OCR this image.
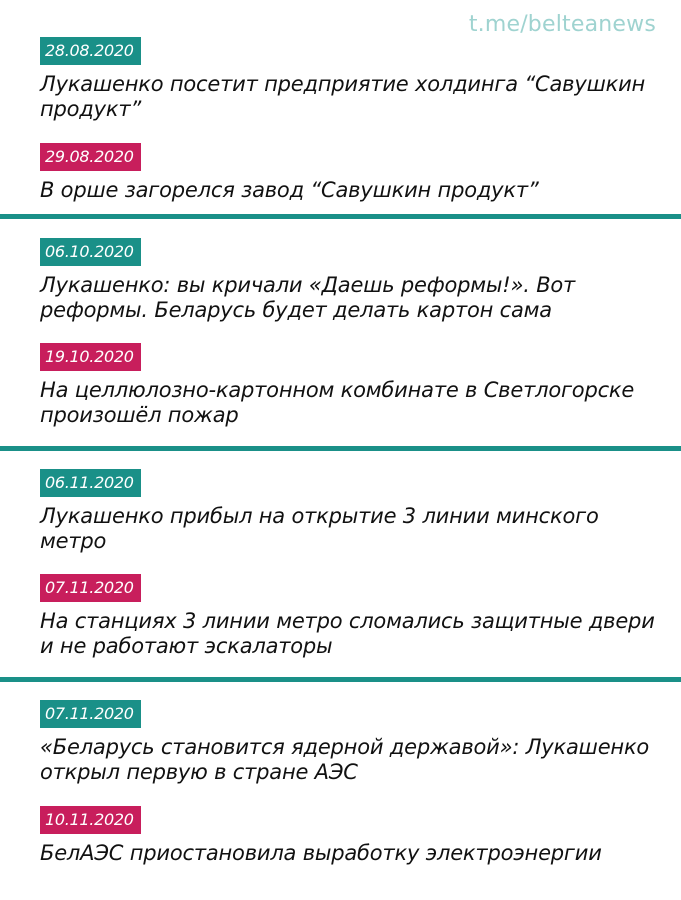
t.me/belteanews
28.08.2020
Лукашенко посетит предприятие холдинга “Савушкин продукт”
29.08.2020
В орше загорелся завод “Савушкин продукт”
06.10.2020
Лукашенко: вы кричали «Даешь реформы!». Вот реформы. Беларусь будет делать картон сама
19.10.2020
На целлюлозно-картонном комбинате в Светлогорске произошёл пожар
06.11.2020
Лукашенко прибыл на открытие 3 линии минского метро
07.11.2020
На станциях 3 линии метро сломались защитные двери и не работают эскалаторы
07.11.2020
«Беларусь становится ядерной державой»: Лукашенко открыл первую в стране АЭС
10.11.2020
БелАЭС приостановила выработку электроэнергии
